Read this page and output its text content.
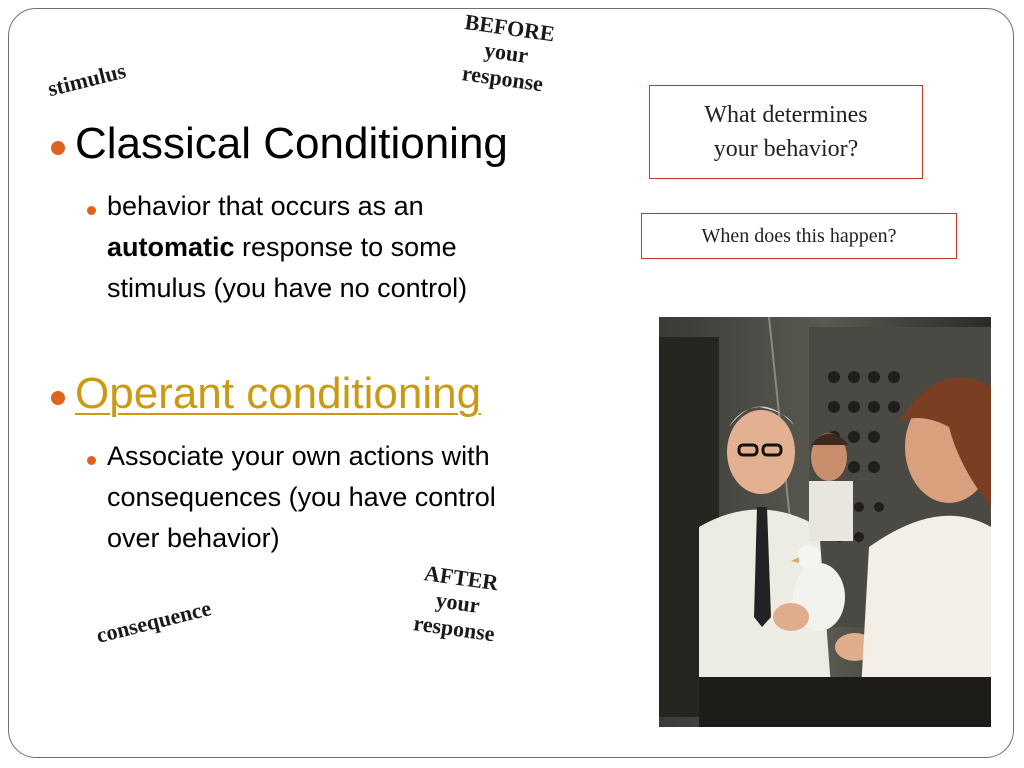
stimulus
BEFORE
your
response
AFTER
your
response
consequence
Classical Conditioning
behavior that occurs as an
automatic response to some
stimulus (you have no control)
Operant conditioning
Associate your own actions with
consequences (you have control
over behavior)
What determines
your behavior?
When does this happen?
